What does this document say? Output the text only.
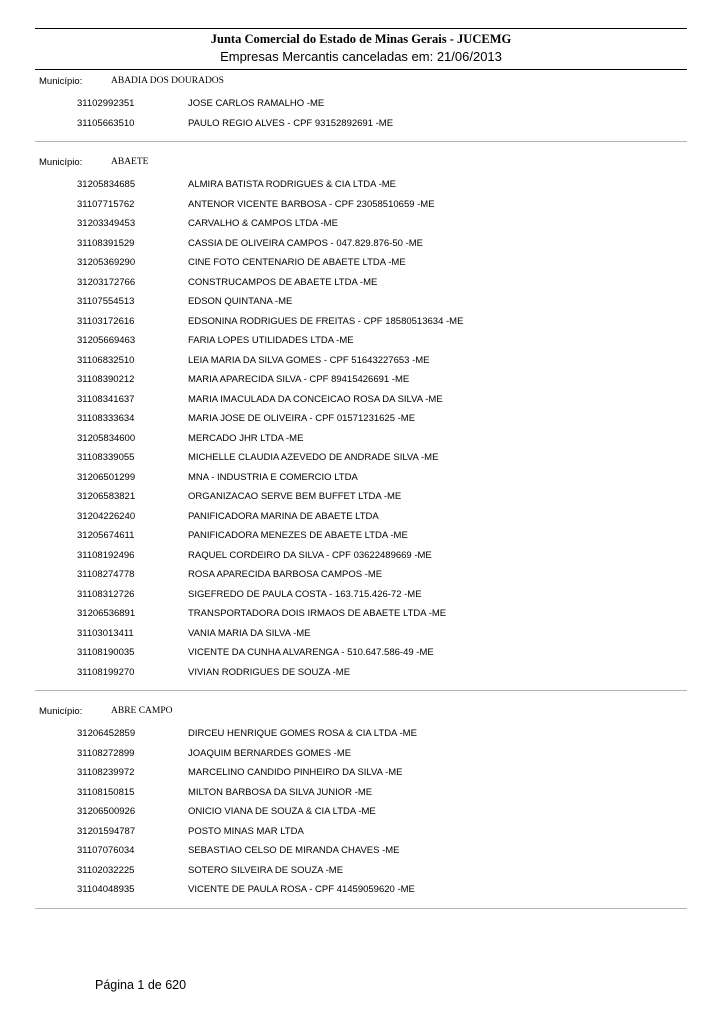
Junta Comercial do Estado de Minas Gerais - JUCEMG
Empresas Mercantis canceladas em: 21/06/2013
Município:	ABADIA DOS DOURADOS
31102992351	JOSE CARLOS RAMALHO -ME
31105663510	PAULO REGIO ALVES - CPF 93152892691 -ME
Município:	ABAETE
31205834685	ALMIRA BATISTA RODRIGUES & CIA LTDA -ME
31107715762	ANTENOR VICENTE BARBOSA - CPF 23058510659 -ME
31203349453	CARVALHO & CAMPOS LTDA -ME
31108391529	CASSIA DE OLIVEIRA CAMPOS - 047.829.876-50 -ME
31205369290	CINE FOTO CENTENARIO DE ABAETE LTDA -ME
31203172766	CONSTRUCAMPOS DE ABAETE LTDA -ME
31107554513	EDSON QUINTANA -ME
31103172616	EDSONINA RODRIGUES DE FREITAS - CPF 18580513634 -ME
31205669463	FARIA LOPES UTILIDADES LTDA -ME
31106832510	LEIA MARIA DA SILVA GOMES - CPF 51643227653 -ME
31108390212	MARIA APARECIDA SILVA - CPF 89415426691 -ME
31108341637	MARIA IMACULADA DA CONCEICAO ROSA DA SILVA -ME
31108333634	MARIA JOSE DE OLIVEIRA - CPF 01571231625 -ME
31205834600	MERCADO JHR LTDA -ME
31108339055	MICHELLE CLAUDIA AZEVEDO DE ANDRADE SILVA -ME
31206501299	MNA - INDUSTRIA E COMERCIO LTDA
31206583821	ORGANIZACAO SERVE BEM BUFFET LTDA -ME
31204226240	PANIFICADORA MARINA DE ABAETE LTDA
31205674611	PANIFICADORA MENEZES DE ABAETE LTDA -ME
31108192496	RAQUEL CORDEIRO DA SILVA - CPF 03622489669 -ME
31108274778	ROSA APARECIDA BARBOSA CAMPOS -ME
31108312726	SIGEFREDO DE PAULA COSTA - 163.715.426-72 -ME
31206536891	TRANSPORTADORA DOIS IRMAOS DE ABAETE LTDA -ME
31103013411	VANIA MARIA DA SILVA -ME
31108190035	VICENTE DA CUNHA ALVARENGA - 510.647.586-49 -ME
31108199270	VIVIAN RODRIGUES DE SOUZA -ME
Município:	ABRE CAMPO
31206452859	DIRCEU HENRIQUE GOMES ROSA & CIA LTDA -ME
31108272899	JOAQUIM BERNARDES GOMES -ME
31108239972	MARCELINO CANDIDO PINHEIRO DA SILVA -ME
31108150815	MILTON BARBOSA DA SILVA JUNIOR -ME
31206500926	ONICIO VIANA DE SOUZA & CIA LTDA -ME
31201594787	POSTO MINAS MAR LTDA
31107076034	SEBASTIAO CELSO DE MIRANDA CHAVES -ME
31102032225	SOTERO SILVEIRA DE SOUZA -ME
31104048935	VICENTE DE PAULA ROSA - CPF 41459059620 -ME
Página 1 de 620
